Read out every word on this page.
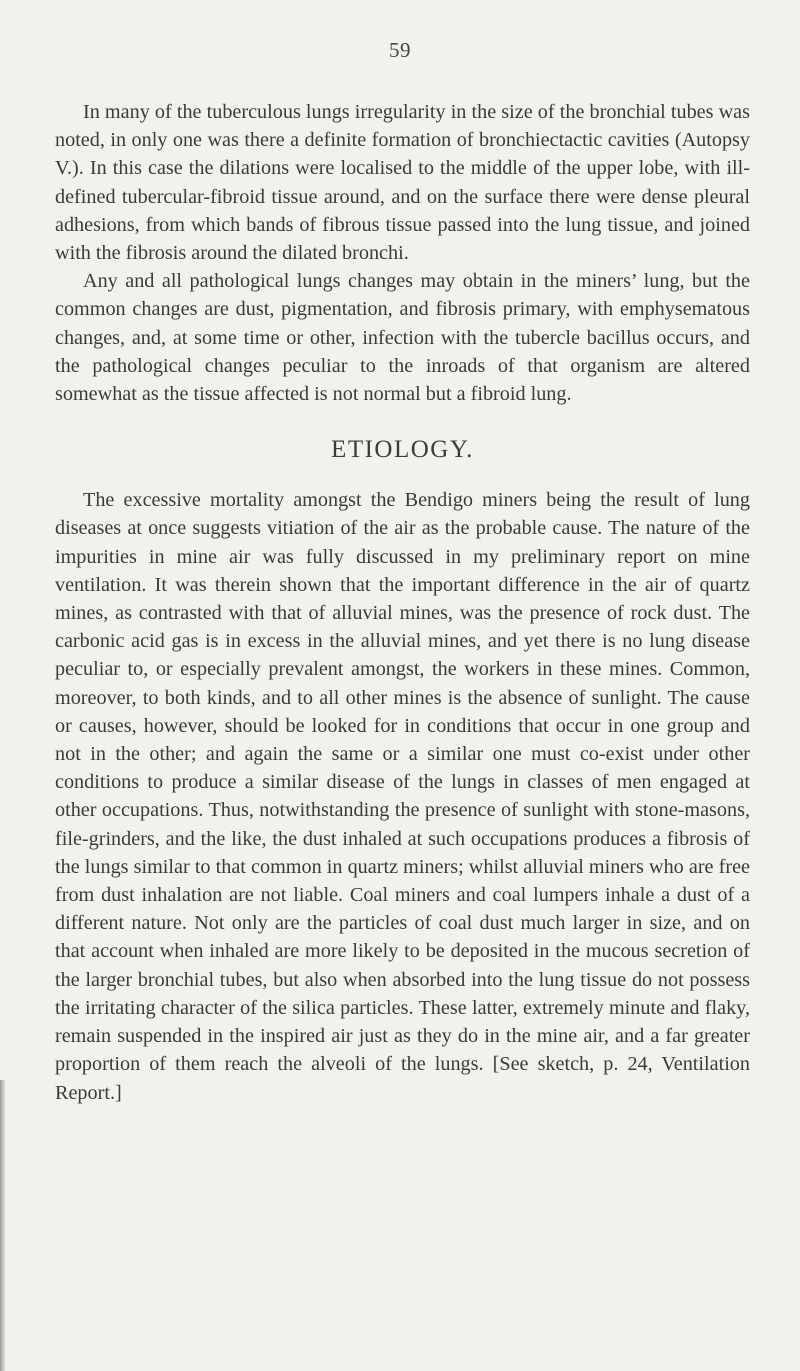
59

In many of the tuberculous lungs irregularity in the size of the bronchial tubes was noted, in only one was there a definite formation of bronchiectactic cavities (Autopsy V.). In this case the dilations were localised to the middle of the upper lobe, with ill-defined tubercular-fibroid tissue around, and on the surface there were dense pleural adhesions, from which bands of fibrous tissue passed into the lung tissue, and joined with the fibrosis around the dilated bronchi.

Any and all pathological lungs changes may obtain in the miners’ lung, but the common changes are dust, pigmentation, and fibrosis primary, with emphysematous changes, and, at some time or other, infection with the tubercle bacillus occurs, and the pathological changes peculiar to the inroads of that organism are altered somewhat as the tissue affected is not normal but a fibroid lung.

ETIOLOGY.

The excessive mortality amongst the Bendigo miners being the result of lung diseases at once suggests vitiation of the air as the probable cause. The nature of the impurities in mine air was fully discussed in my preliminary report on mine ventilation. It was therein shown that the important difference in the air of quartz mines, as contrasted with that of alluvial mines, was the presence of rock dust. The carbonic acid gas is in excess in the alluvial mines, and yet there is no lung disease peculiar to, or especially prevalent amongst, the workers in these mines. Common, moreover, to both kinds, and to all other mines is the absence of sunlight. The cause or causes, however, should be looked for in conditions that occur in one group and not in the other; and again the same or a similar one must co-exist under other conditions to produce a similar disease of the lungs in classes of men engaged at other occupations. Thus, notwithstanding the presence of sunlight with stone-masons, file-grinders, and the like, the dust inhaled at such occupations produces a fibrosis of the lungs similar to that common in quartz miners; whilst alluvial miners who are free from dust inhalation are not liable. Coal miners and coal lumpers inhale a dust of a different nature. Not only are the particles of coal dust much larger in size, and on that account when inhaled are more likely to be deposited in the mucous secretion of the larger bronchial tubes, but also when absorbed into the lung tissue do not possess the irritating character of the silica particles. These latter, extremely minute and flaky, remain suspended in the inspired air just as they do in the mine air, and a far greater proportion of them reach the alveoli of the lungs. [See sketch, p. 24, Ventilation Report.]
